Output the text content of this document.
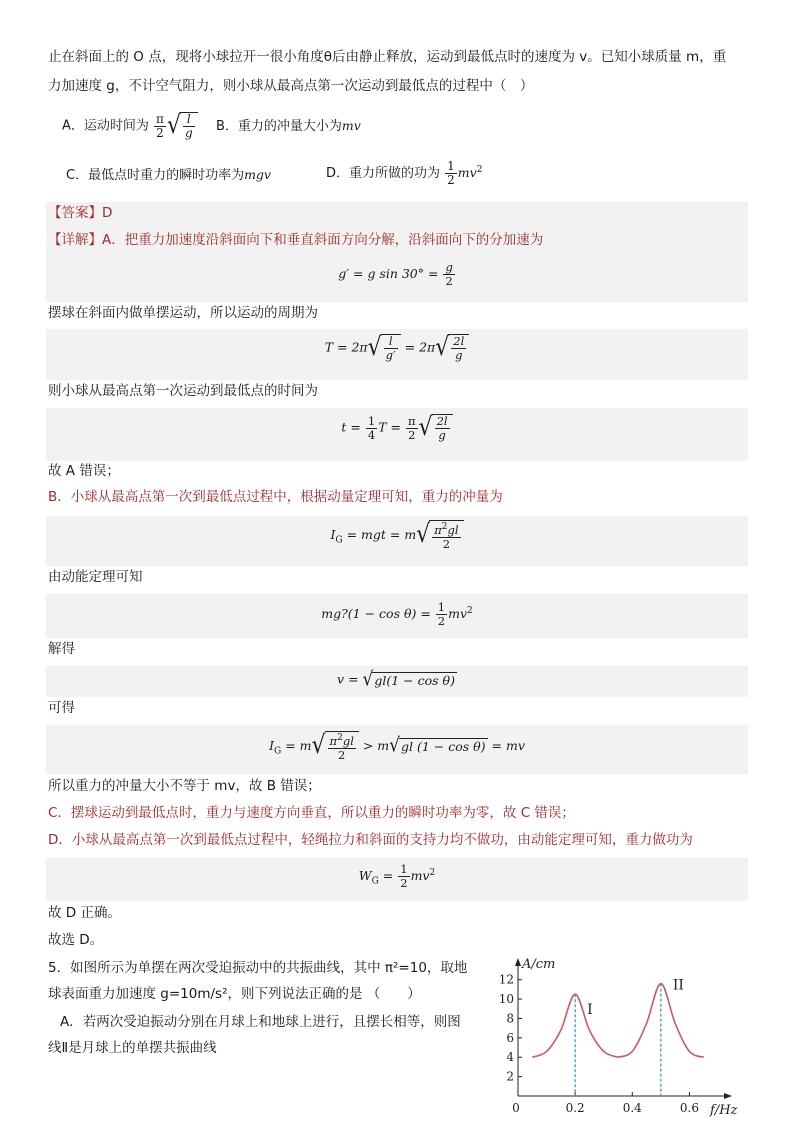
止在斜面上的 O 点，现将小球拉开一很小角度θ后由静止释放，运动到最低点时的速度为 v。已知小球质量 m，重
力加速度 g，不计空气阻力，则小球从最高点第一次运动到最低点的过程中（　）
A．运动时间为 $\frac{\pi}{2}$ √ $\frac{l}{g}$ B．重力的冲量大小为mv
C．最低点时重力的瞬时功率为mgv	D．重力所做的功为 $\frac{1}{2} mv^2$
【答案】D
【详解】A．把重力加速度沿斜面向下和垂直斜面方向分解，沿斜面向下的分加速为
g′ = g $\sin 30^\circ = \frac{g}{2}$
摆球在斜面内做单摆运动，所以运动的周期为
$T = 2\pi√ \frac{l}{g'} = 2\pi√ \frac{2l}{g}$
则小球从最高点第一次运动到最低点的时间为
$t = \frac{1}{4}$ $T = \frac{\pi}{2}$ √ $\frac{2l}{g}$
故 A 错误；
B．小球从最高点第一次到最低点过程中，根据动量定理可知，重力的冲量为
$I_G$ = mgt = $m√ \frac{\pi^2gl}{2}$
由动能定理可知
mg?(1 − $\cos \theta) = \frac{1}{2} mv^2$
解得
v = √gl(1 − cos θ)
可得
$I_G = m√ \frac{\pi^2gl}{2} > m√gl$ (1 − cos θ) = mv
所以重力的冲量大小不等于 mv，故 B 错误；
C．摆球运动到最低点时，重力与速度方向垂直，所以重力的瞬时功率为零，故 C 错误；
D．小球从最高点第一次到最低点过程中，轻绳拉力和斜面的支持力均不做功，由动能定理可知，重力做功为
$W_G = \frac{1}{2} mv^2$
故 D 正确。
故选 D。
5．如图所示为单摆在两次受迫振动中的共振曲线，其中 π²=10，取地
球表面重力加速度 g=10m/s²，则下列说法正确的是 （　　）
A．若两次受迫振动分别在月球上和地球上进行，且摆长相等，则图
线Ⅱ是月球上的单摆共振曲线
2
4
6
8
10
12
0	0.2	0.4	0.6
A/cm
f/Hz
I
II
